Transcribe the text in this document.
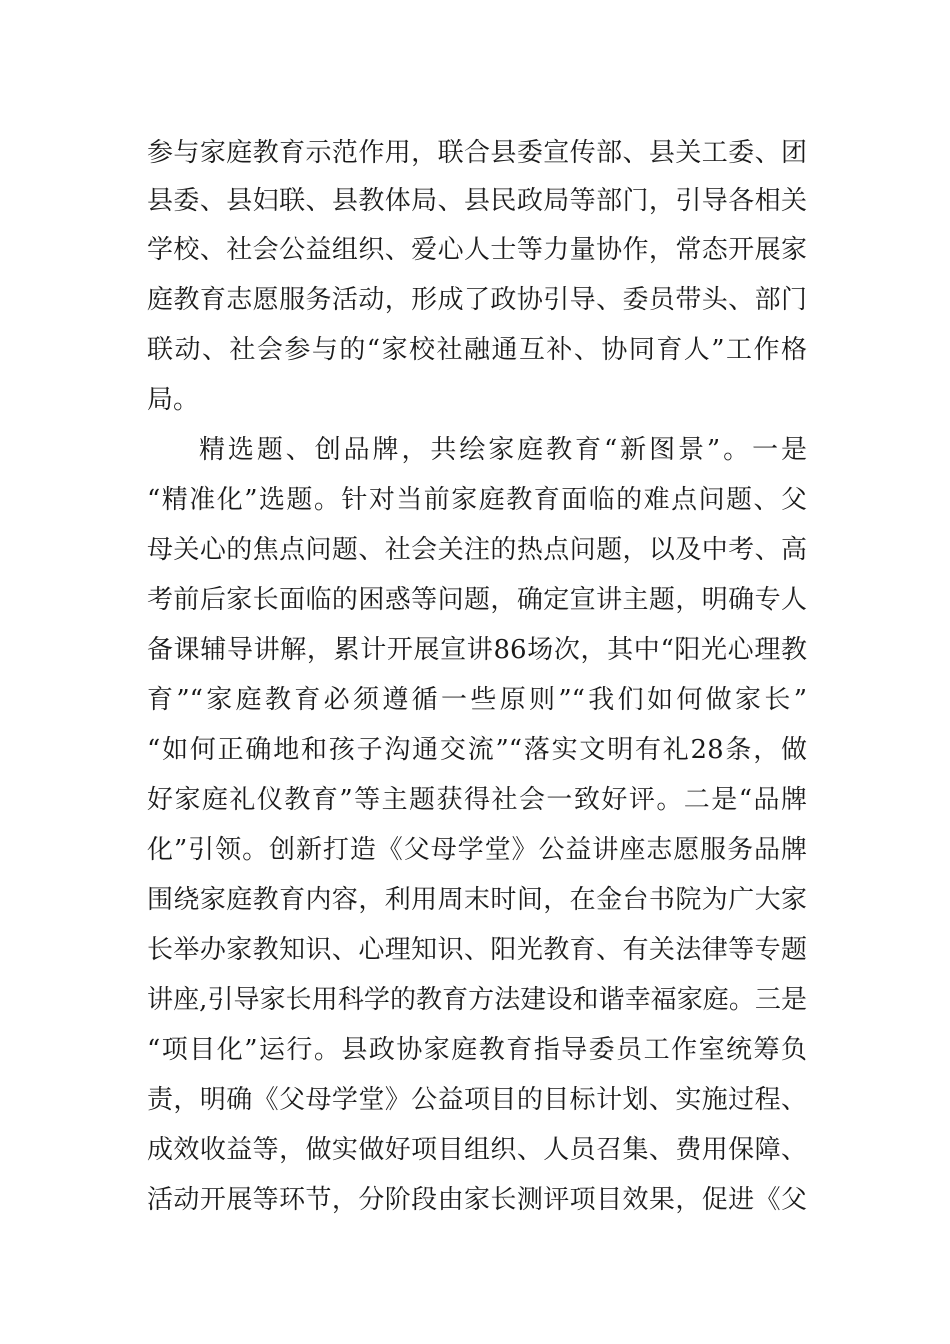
参与家庭教育示范作用，联合县委宣传部、县关工委、团
县委、县妇联、县教体局、县民政局等部门，引导各相关
学校、社会公益组织、爱心人士等力量协作，常态开展家
庭教育志愿服务活动，形成了政协引导、委员带头、部门
联动、社会参与的“家校社融通互补、协同育人”工作格
局。
精选题、创品牌，共绘家庭教育“新图景”。一是
“精准化”选题。针对当前家庭教育面临的难点问题、父
母关心的焦点问题、社会关注的热点问题，以及中考、高
考前后家长面临的困惑等问题，确定宣讲主题，明确专人
备课辅导讲解，累计开展宣讲86场次，其中“阳光心理教
育”“家庭教育必须遵循一些原则”“我们如何做家长”
“如何正确地和孩子沟通交流”“落实文明有礼28条，做
好家庭礼仪教育”等主题获得社会一致好评。二是“品牌
化”引领。创新打造《父母学堂》公益讲座志愿服务品牌
围绕家庭教育内容，利用周末时间，在金台书院为广大家
长举办家教知识、心理知识、阳光教育、有关法律等专题
讲座,引导家长用科学的教育方法建设和谐幸福家庭。三是
“项目化”运行。县政协家庭教育指导委员工作室统筹负
责，明确《父母学堂》公益项目的目标计划、实施过程、
成效收益等，做实做好项目组织、人员召集、费用保障、
活动开展等环节，分阶段由家长测评项目效果，促进《父
